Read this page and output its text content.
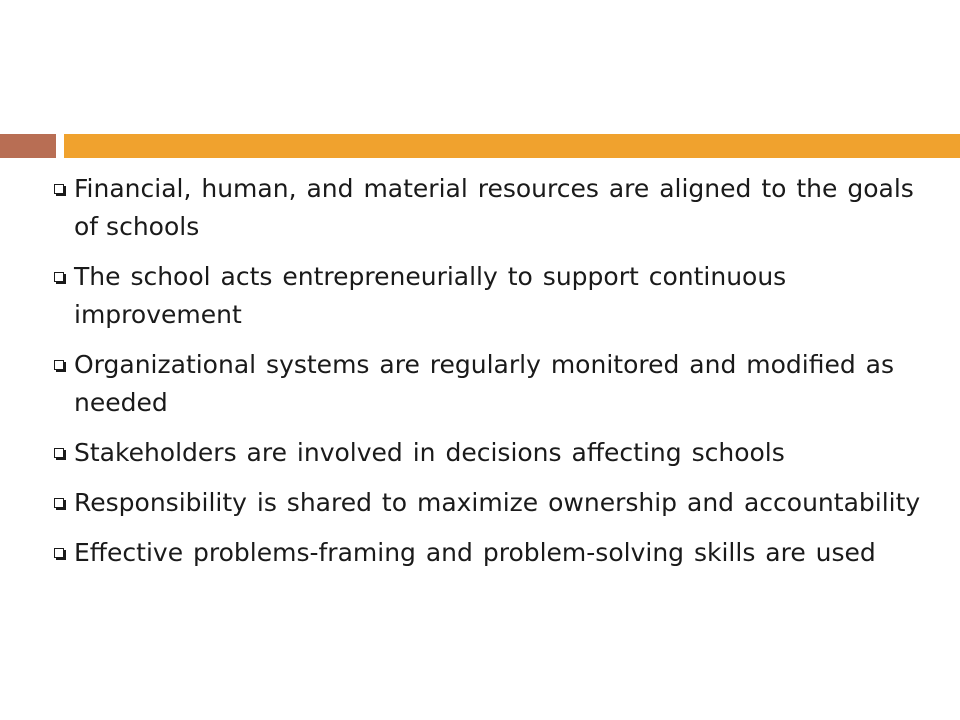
Financial, human, and material resources are aligned to the goals of schools
The school acts entrepreneurially to support continuous improvement
Organizational systems are regularly monitored and modified as needed
Stakeholders are involved in decisions affecting schools
Responsibility is shared to maximize ownership and accountability
Effective problems-framing and problem-solving skills are used
